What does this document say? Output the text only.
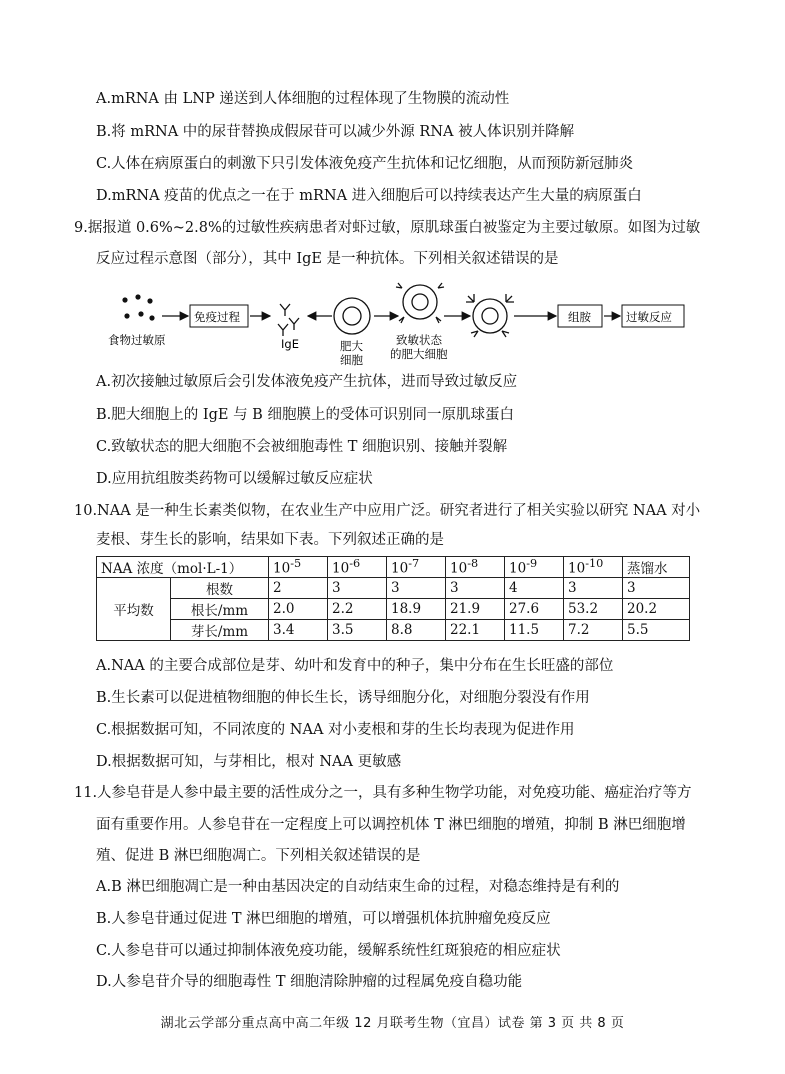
A.mRNA 由 LNP 递送到人体细胞的过程体现了生物膜的流动性
B.将 mRNA 中的尿苷替换成假尿苷可以减少外源 RNA 被人体识别并降解
C.人体在病原蛋白的刺激下只引发体液免疫产生抗体和记忆细胞，从而预防新冠肺炎
D.mRNA 疫苗的优点之一在于 mRNA 进入细胞后可以持续表达产生大量的病原蛋白
9.据报道 0.6%~2.8%的过敏性疾病患者对虾过敏，原肌球蛋白被鉴定为主要过敏原。如图为过敏
反应过程示意图（部分），其中 IgE 是一种抗体。下列相关叙述错误的是
食物过敏原
免疫过程
IgE	肥大
细胞
致敏状态
的肥大细胞
组胺	过敏反应
A.初次接触过敏原后会引发体液免疫产生抗体，进而导致过敏反应
B.肥大细胞上的 IgE 与 B 细胞膜上的受体可识别同一原肌球蛋白
C.致敏状态的肥大细胞不会被细胞毒性 T 细胞识别、接触并裂解
D.应用抗组胺类药物可以缓解过敏反应症状
10.NAA 是一种生长素类似物，在农业生产中应用广泛。研究者进行了相关实验以研究 NAA 对小
麦根、芽生长的影响，结果如下表。下列叙述正确的是
NAA 浓度（mol·L-1）		$10^{-5}$	$10^{-6}$	$10^{-7}$	$10^{-8}$	$10^{-9}$	$10^{-10}$	蒸馏水
平均数	根数	2	3	3	3	4	3	3
	根长/mm	2.0	2.2	18.9	21.9	27.6	53.2	20.2
	芽长/mm	3.4	3.5	8.8	22.1	11.5	7.2	5.5
A.NAA 的主要合成部位是芽、幼叶和发育中的种子，集中分布在生长旺盛的部位
B.生长素可以促进植物细胞的伸长生长，诱导细胞分化，对细胞分裂没有作用
C.根据数据可知，不同浓度的 NAA 对小麦根和芽的生长均表现为促进作用
D.根据数据可知，与芽相比，根对 NAA 更敏感
11.人参皂苷是人参中最主要的活性成分之一，具有多种生物学功能，对免疫功能、癌症治疗等方
面有重要作用。人参皂苷在一定程度上可以调控机体 T 淋巴细胞的增殖，抑制 B 淋巴细胞增
殖、促进 B 淋巴细胞凋亡。下列相关叙述错误的是
A.B 淋巴细胞凋亡是一种由基因决定的自动结束生命的过程，对稳态维持是有利的
B.人参皂苷通过促进 T 淋巴细胞的增殖，可以增强机体抗肿瘤免疫反应
C.人参皂苷可以通过抑制体液免疫功能，缓解系统性红斑狼疮的相应症状
D.人参皂苷介导的细胞毒性 T 细胞清除肿瘤的过程属免疫自稳功能
湖北云学部分重点高中高二年级 12 月联考生物（宜昌）试卷 第 3 页 共 8 页
